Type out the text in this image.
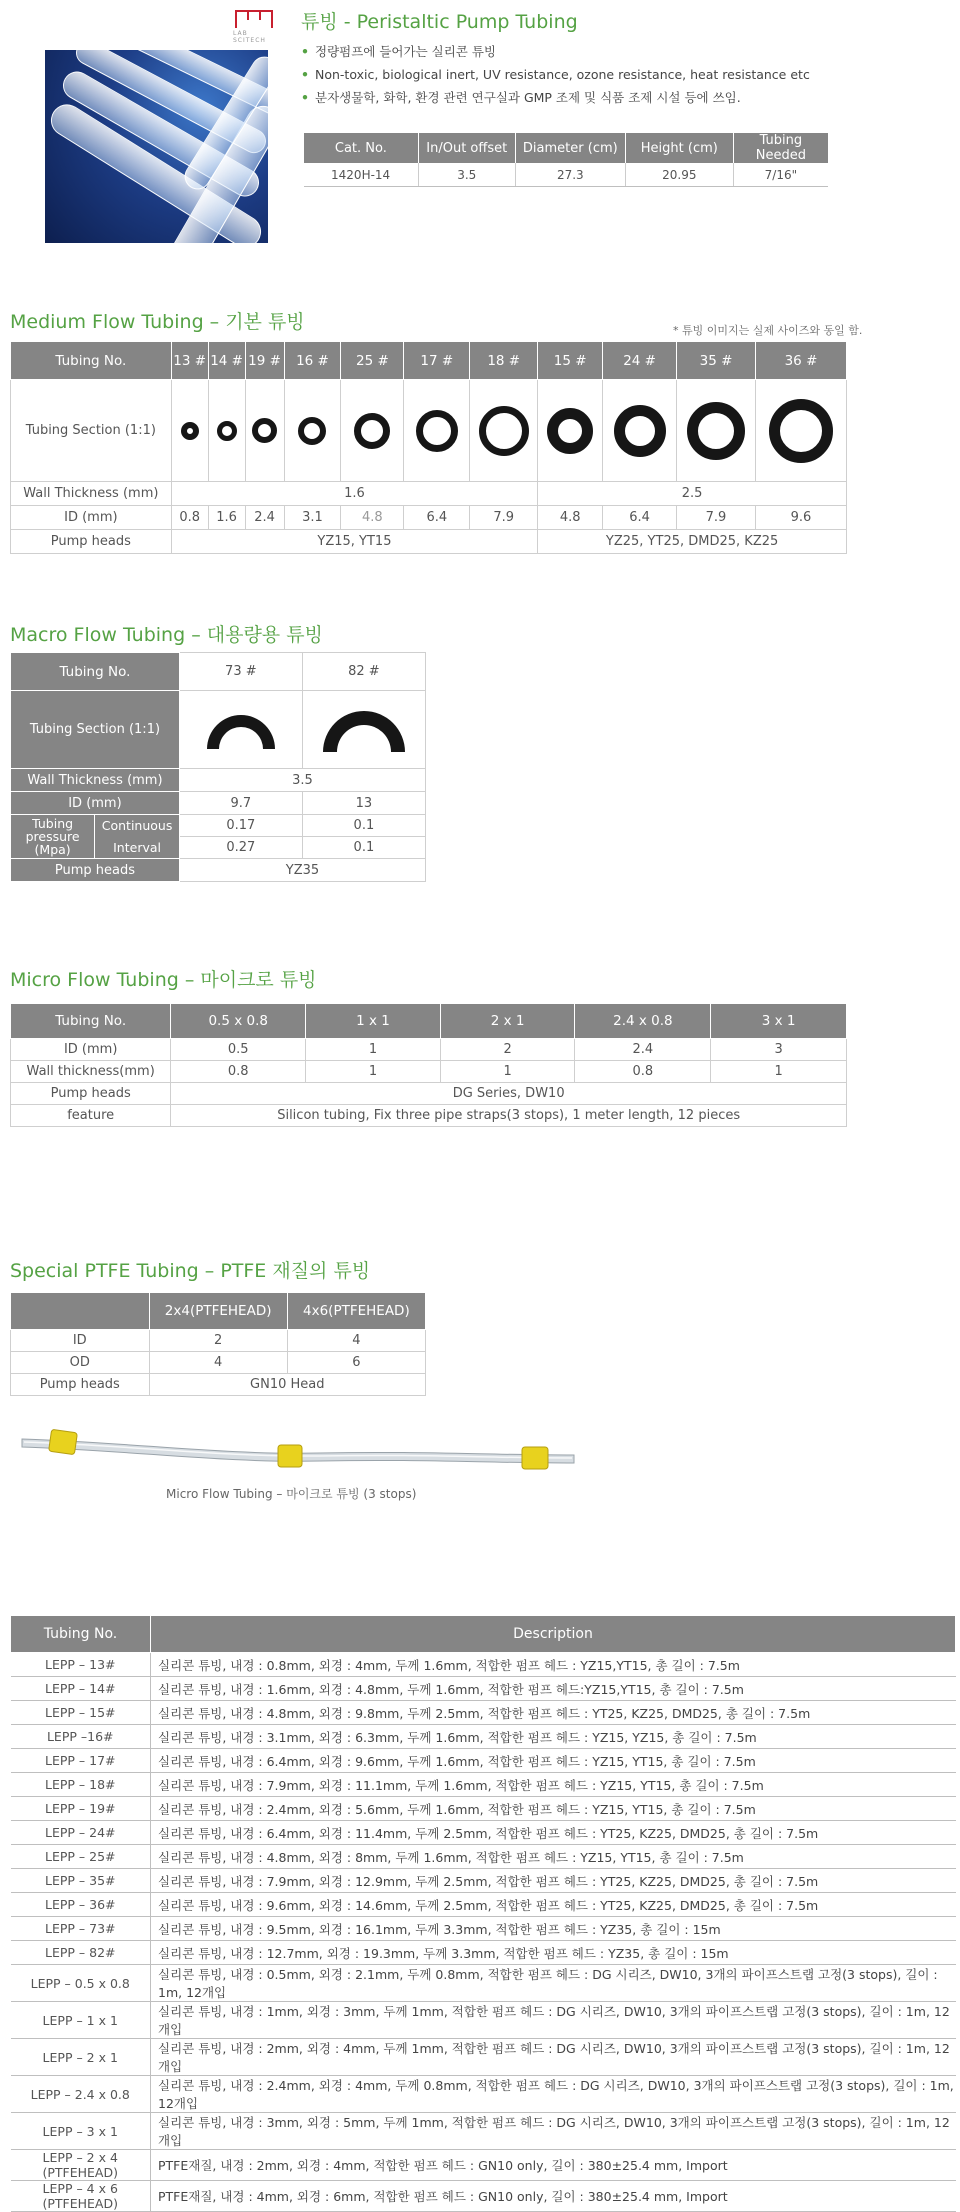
LAB SCITECH
튜빙 - Peristaltic Pump Tubing
• 정량펌프에 들어가는 실리콘 튜빙
• Non-toxic, biological inert, UV resistance, ozone resistance, heat resistance etc
• 분자생물학, 화학, 환경 관련 연구실과 GMP 조제 및 식품 조제 시설 등에 쓰임.
Cat. No.	In/Out offset	Diameter (cm)	Height (cm)	Tubing Needed
1420H-14	3.5	27.3	20.95	7/16"
Medium Flow Tubing – 기본 튜빙	* 튜빙 이미지는 실제 사이즈와 동일 함.
Tubing No.	13 #	14 #	19 #	16 #	25 #	17 #	18 #	15 #	24 #	35 #	36 #
Tubing Section (1:1)											
Wall Thickness (mm)	1.6							2.5			
ID (mm)	0.8	1.6	2.4	3.1	4.8	6.4	7.9	4.8	6.4	7.9	9.6
Pump heads	YZ15, YT15							YZ25, YT25, DMD25, KZ25			
Macro Flow Tubing – 대용량용 튜빙
Tubing No.		73 #	82 #
Tubing Section (1:1)		
Wall Thickness (mm)		3.5	
ID (mm)		9.7	13
Tubing pressure (Mpa)	Continuous	0.17	0.1
	Interval	0.27	0.1
Pump heads		YZ35	
Micro Flow Tubing – 마이크로 튜빙
Tubing No.	0.5 x 0.8	1 x 1	2 x 1	2.4 x 0.8	3 x 1
ID (mm)	0.5	1	2	2.4	3
Wall thickness(mm)	0.8	1	1	0.8	1
Pump heads	DG Series, DW10				
feature	Silicon tubing, Fix three pipe straps(3 stops), 1 meter length, 12 pieces				
Special PTFE Tubing – PTFE 재질의 튜빙
	2x4(PTFEHEAD)	4x6(PTFEHEAD)
ID	2	4
OD	4	6
Pump heads	GN10 Head	
Micro Flow Tubing – 마이크로 튜빙 (3 stops)
Tubing No.	Description
LEPP – 13#	실리콘 튜빙, 내경 : 0.8mm, 외경 : 4mm, 두께 1.6mm, 적합한 펌프 헤드 : YZ15,YT15, 총 길이 : 7.5m
LEPP – 14#	실리콘 튜빙, 내경 : 1.6mm, 외경 : 4.8mm, 두께 1.6mm, 적합한 펌프 헤드:YZ15,YT15, 총 길이 : 7.5m
LEPP – 15#	실리콘 튜빙, 내경 : 4.8mm, 외경 : 9.8mm, 두께 2.5mm, 적합한 펌프 헤드 : YT25, KZ25, DMD25, 총 길이 : 7.5m
LEPP –16#	실리콘 튜빙, 내경 : 3.1mm, 외경 : 6.3mm, 두께 1.6mm, 적합한 펌프 헤드 : YZ15, YZ15, 총 길이 : 7.5m
LEPP – 17#	실리콘 튜빙, 내경 : 6.4mm, 외경 : 9.6mm, 두께 1.6mm, 적합한 펌프 헤드 : YZ15, YT15, 총 길이 : 7.5m
LEPP – 18#	실리콘 튜빙, 내경 : 7.9mm, 외경 : 11.1mm, 두께 1.6mm, 적합한 펌프 헤드 : YZ15, YT15, 총 길이 : 7.5m
LEPP – 19#	실리콘 튜빙, 내경 : 2.4mm, 외경 : 5.6mm, 두께 1.6mm, 적합한 펌프 헤드 : YZ15, YT15, 총 길이 : 7.5m
LEPP – 24#	실리콘 튜빙, 내경 : 6.4mm, 외경 : 11.4mm, 두께 2.5mm, 적합한 펌프 헤드 : YT25, KZ25, DMD25, 총 길이 : 7.5m
LEPP – 25#	실리콘 튜빙, 내경 : 4.8mm, 외경 : 8mm, 두께 1.6mm, 적합한 펌프 헤드 : YZ15, YT15, 총 길이 : 7.5m
LEPP – 35#	실리콘 튜빙, 내경 : 7.9mm, 외경 : 12.9mm, 두께 2.5mm, 적합한 펌프 헤드 : YT25, KZ25, DMD25, 총 길이 : 7.5m
LEPP – 36#	실리콘 튜빙, 내경 : 9.6mm, 외경 : 14.6mm, 두께 2.5mm, 적합한 펌프 헤드 : YT25, KZ25, DMD25, 총 길이 : 7.5m
LEPP – 73#	실리콘 튜빙, 내경 : 9.5mm, 외경 : 16.1mm, 두께 3.3mm, 적합한 펌프 헤드 : YZ35, 총 길이 : 15m
LEPP – 82#	실리콘 튜빙, 내경 : 12.7mm, 외경 : 19.3mm, 두께 3.3mm, 적합한 펌프 헤드 : YZ35, 총 길이 : 15m
LEPP – 0.5 x 0.8	실리콘 튜빙, 내경 : 0.5mm, 외경 : 2.1mm, 두께 0.8mm, 적합한 펌프 헤드 : DG 시리즈, DW10, 3개의 파이프스트랩 고정(3 stops), 길이 : 1m, 12개입
LEPP – 1 x 1	실리콘 튜빙, 내경 : 1mm, 외경 : 3mm, 두께 1mm, 적합한 펌프 헤드 : DG 시리즈, DW10, 3개의 파이프스트랩 고정(3 stops), 길이 : 1m, 12개입
LEPP – 2 x 1	실리콘 튜빙, 내경 : 2mm, 외경 : 4mm, 두께 1mm, 적합한 펌프 헤드 : DG 시리즈, DW10, 3개의 파이프스트랩 고정(3 stops), 길이 : 1m, 12개입
LEPP – 2.4 x 0.8	실리콘 튜빙, 내경 : 2.4mm, 외경 : 4mm, 두께 0.8mm, 적합한 펌프 헤드 : DG 시리즈, DW10, 3개의 파이프스트랩 고정(3 stops), 길이 : 1m, 12개입
LEPP – 3 x 1	실리콘 튜빙, 내경 : 3mm, 외경 : 5mm, 두께 1mm, 적합한 펌프 헤드 : DG 시리즈, DW10, 3개의 파이프스트랩 고정(3 stops), 길이 : 1m, 12개입
LEPP – 2 x 4 (PTFEHEAD)	PTFE재질, 내경 : 2mm, 외경 : 4mm, 적합한 펌프 헤드 : GN10 only, 길이 : 380±25.4 mm, Import
LEPP – 4 x 6 (PTFEHEAD)	PTFE재질, 내경 : 4mm, 외경 : 6mm, 적합한 펌프 헤드 : GN10 only, 길이 : 380±25.4 mm, Import
